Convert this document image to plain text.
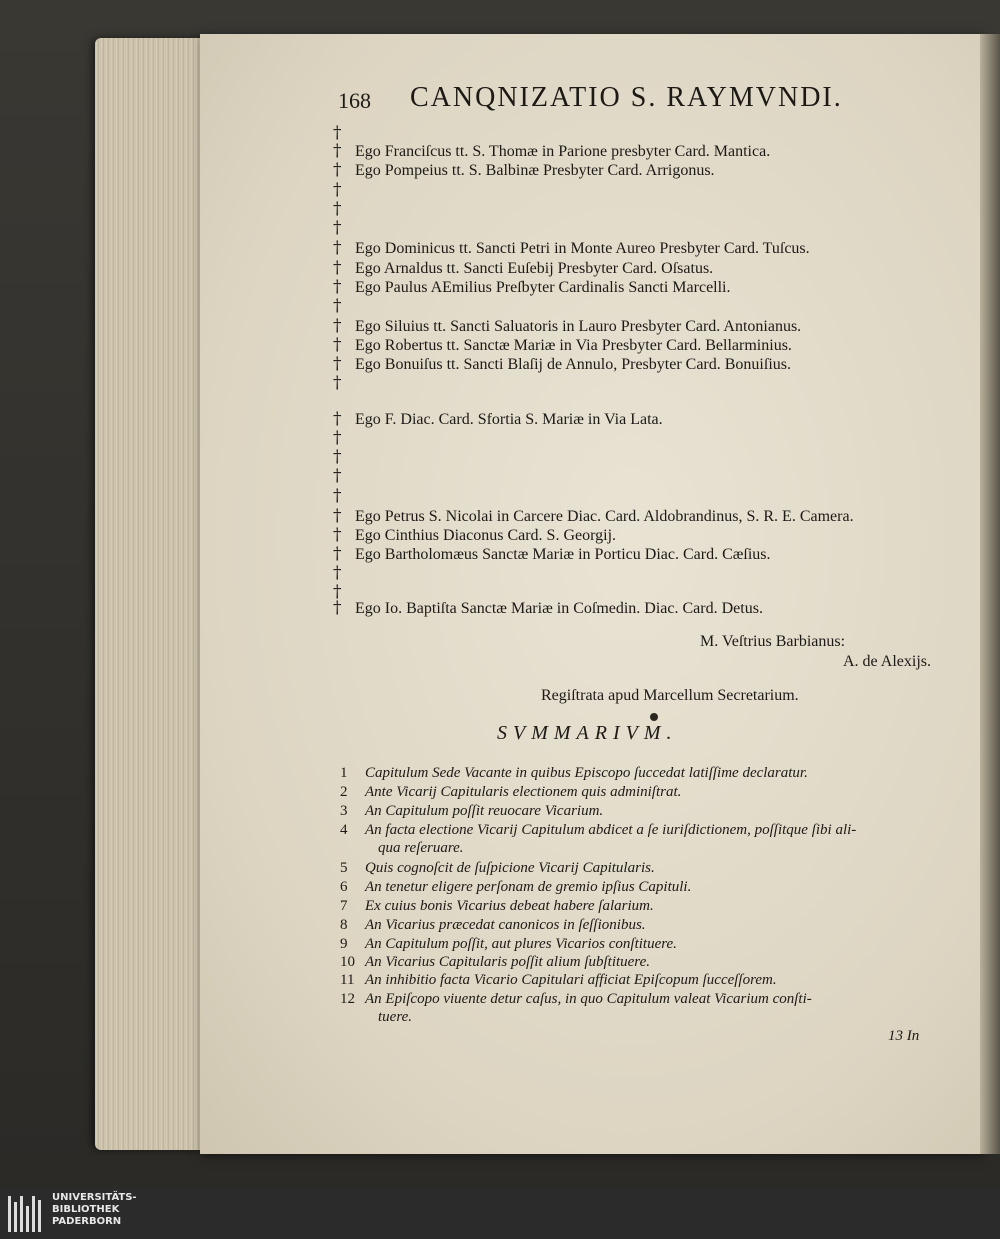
168 CANQNIZATIO S. RAYMVNDI.
†
† Ego Franciſcus tt. S. Thomæ in Parione presbyter Card. Mantica.
† Ego Pompeius tt. S. Balbinæ Presbyter Card. Arrigonus.
†
†
†
† Ego Dominicus tt. Sancti Petri in Monte Aureo Presbyter Card. Tuſcus.
† Ego Arnaldus tt. Sancti Euſebij Presbyter Card. Oſsatus.
† Ego Paulus AEmilius Preſbyter Cardinalis Sancti Marcelli.
†
† Ego Siluius tt. Sancti Saluatoris in Lauro Presbyter Card. Antonianus.
† Ego Robertus tt. Sanctæ Mariæ in Via Presbyter Card. Bellarminius.
† Ego Bonuiſus tt. Sancti Blaſij de Annulo, Presbyter Card. Bonuiſius.
†
† Ego F. Diac. Card. Sfortia S. Mariæ in Via Lata.
†
†
†
†
† Ego Petrus S. Nicolai in Carcere Diac. Card. Aldobrandinus, S. R. E. Camera.
† Ego Cinthius Diaconus Card. S. Georgij.
† Ego Bartholomæus Sanctæ Mariæ in Porticu Diac. Card. Cæſius.
†
†
† Ego Io. Baptiſta Sanctæ Mariæ in Coſmedin. Diac. Card. Detus.
M. Veſtrius Barbianus:
A. de Alexijs.
Regiſtrata apud Marcellum Secretarium.
SVMMARIVM.
1 Capitulum Sede Vacante in quibus Episcopo ſuccedat latiſſime declaratur.
2 Ante Vicarij Capitularis electionem quis adminiſtrat.
3 An Capitulum poſſit reuocare Vicarium.
4 An facta electione Vicarij Capitulum abdicet a ſe iuriſdictionem, poſſitque ſibi ali-
qua reſeruare.
5 Quis cognoſcit de ſuſpicione Vicarij Capitularis.
6 An tenetur eligere perſonam de gremio ipſius Capituli.
7 Ex cuius bonis Vicarius debeat habere ſalarium.
8 An Vicarius præcedat canonicos in ſeſſionibus.
9 An Capitulum poſſit, aut plures Vicarios conſtituere.
10 An Vicarius Capitularis poſſit alium ſubſtituere.
11 An inhibitio facta Vicario Capitulari afficiat Epiſcopum ſucceſſorem.
12 An Epiſcopo viuente detur caſus, in quo Capitulum valeat Vicarium conſti-
tuere.
13 In
UNIVERSITÄTS-
BIBLIOTHEK
PADERBORN
